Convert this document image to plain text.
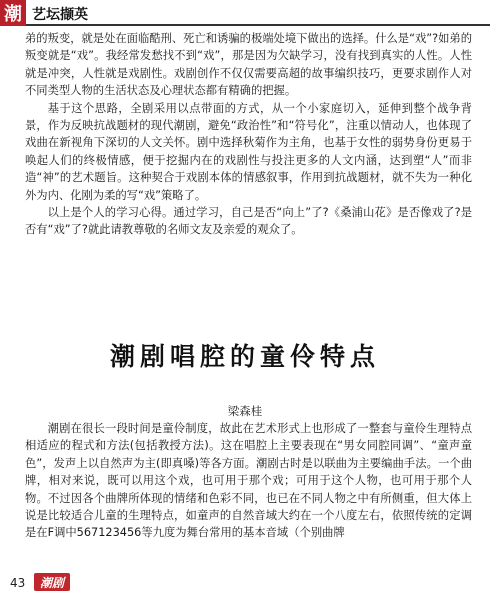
潮 艺坛撷英

弟的叛变，就是处在面临酷刑、死亡和诱骗的极端处境下做出的选择。什么是“戏”?如弟的叛变就是“戏”。我经常发愁找不到“戏”，那是因为欠缺学习，没有找到真实的人性。人性就是冲突，人性就是戏剧性。戏剧创作不仅仅需要高超的故事编织技巧，更要求剧作人对不同类型人物的生活状态及心理状态都有精确的把握。

基于这个思路，全剧采用以点带面的方式，从一个小家庭切入，延伸到整个战争背景，作为反映抗战题材的现代潮剧，避免“政治性”和“符号化”，注重以情动人，也体现了戏曲在新视角下深切的人文关怀。剧中选择秋菊作为主角，也基于女性的弱势身份更易于唤起人们的终极情感，便于挖掘内在的戏剧性与投注更多的人文内涵，达到塑“人”而非造“神”的艺术题旨。这种契合于戏剧本体的情感叙事，作用到抗战题材，就不失为一种化外为内、化刚为柔的写“戏”策略了。

以上是个人的学习心得。通过学习，自己是否“向上”了?《桑浦山花》是否像戏了?是否有“戏”了?就此请教尊敬的名师文友及亲爱的观众了。

潮剧唱腔的童伶特点
梁森桂

潮剧在很长一段时间是童伶制度，故此在艺术形式上也形成了一整套与童伶生理特点相适应的程式和方法(包括教授方法)。这在唱腔上主要表现在“男女同腔同调”、“童声童色”，发声上以自然声为主(即真嗓)等各方面。潮剧古时是以联曲为主要编曲手法。一个曲牌，相对来说，既可以用这个戏，也可用于那个戏；可用于这个人物，也可用于那个人物。不过因各个曲牌所体现的情绪和色彩不同，也已在不同人物之中有所侧重，但大体上说是比较适合儿童的生理特点，如童声的自然音域大约在一个八度左右，依照传统的定调是在F调中567123456等九度为舞台常用的基本音域（个别曲牌

43	潮剧
